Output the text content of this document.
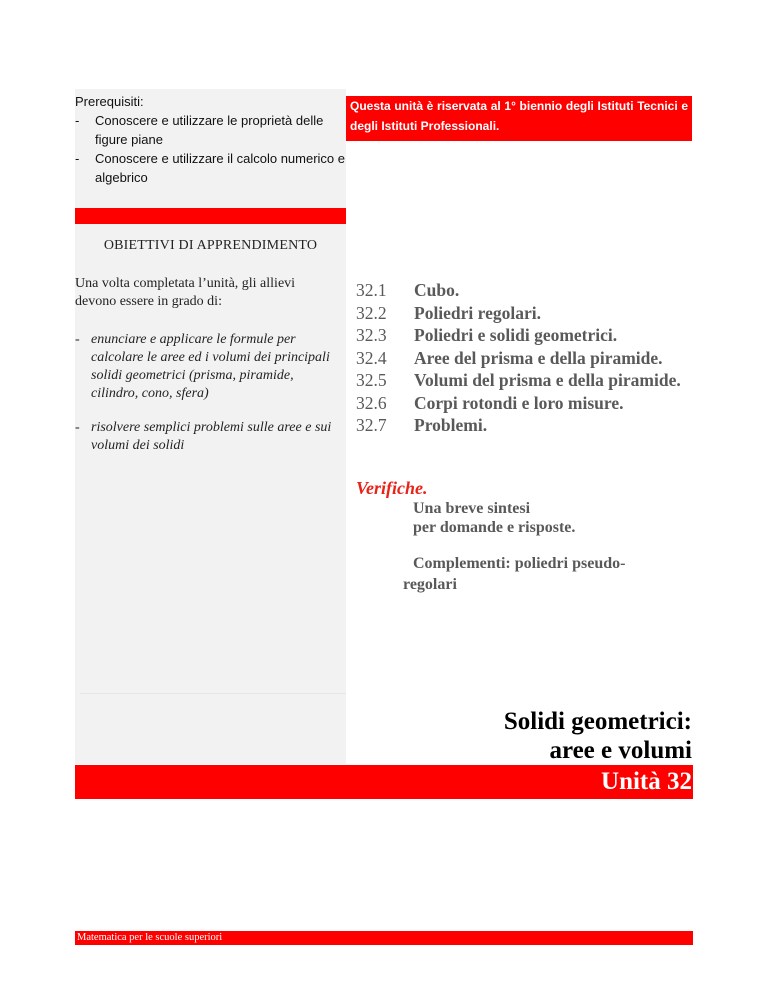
Prerequisiti:
- Conoscere e utilizzare le proprietà delle figure piane
- Conoscere e utilizzare il calcolo numerico e algebrico
OBIETTIVI DI APPRENDIMENTO
Una volta completata l’unità, gli allievi devono essere in grado di:
- enunciare e applicare le formule per calcolare le aree ed i volumi dei principali solidi geometrici (prisma, piramide, cilindro, cono, sfera)
- risolvere semplici problemi sulle aree e sui volumi dei solidi
Questa unità è riservata al 1° biennio degli Istituti Tecnici e degli Istituti Professionali.
32.1 Cubo.
32.2 Poliedri regolari.
32.3 Poliedri e solidi geometrici.
32.4 Aree del prisma e della piramide.
32.5 Volumi del prisma e della piramide.
32.6 Corpi rotondi e loro misure.
32.7 Problemi.
Verifiche.
Una breve sintesi
per domande e risposte.
Complementi: poliedri pseudo-
regolari
Solidi geometrici:
aree e volumi
Unità 32
Matematica per le scuole superiori
